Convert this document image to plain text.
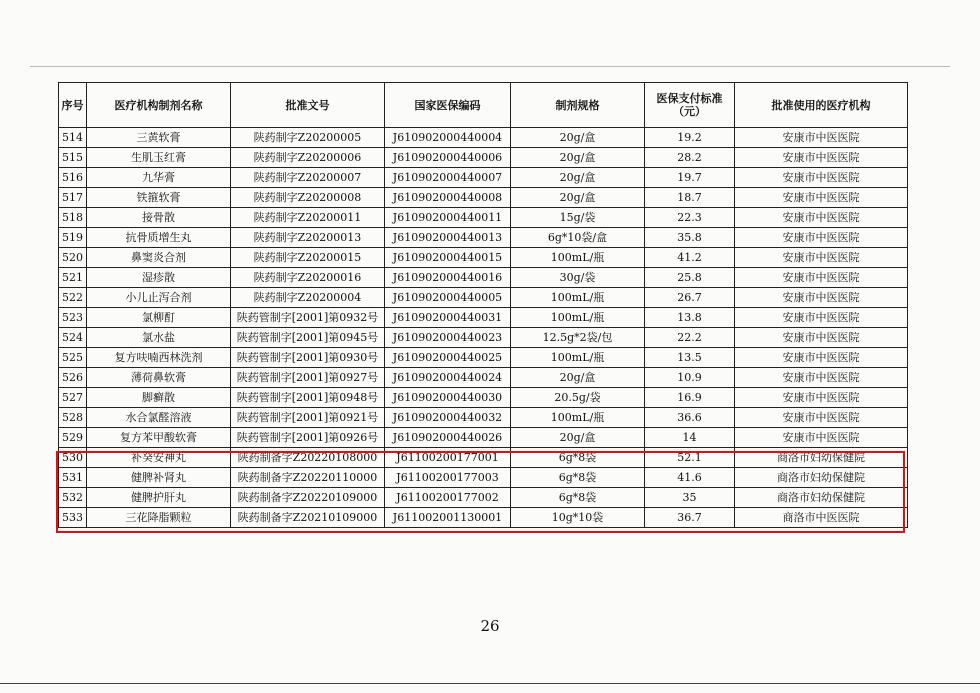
序号	医疗机构制剂名称	批准文号	国家医保编码	制剂规格	医保支付标准（元）	批准使用的医疗机构
514	三黄软膏	陕药制字Z20200005	J610902000440004	20g/盒	19.2	安康市中医医院
515	生肌玉红膏	陕药制字Z20200006	J610902000440006	20g/盒	28.2	安康市中医医院
516	九华膏	陕药制字Z20200007	J610902000440007	20g/盒	19.7	安康市中医医院
517	铁箍软膏	陕药制字Z20200008	J610902000440008	20g/盒	18.7	安康市中医医院
518	接骨散	陕药制字Z20200011	J610902000440011	15g/袋	22.3	安康市中医医院
519	抗骨质增生丸	陕药制字Z20200013	J610902000440013	6g*10袋/盒	35.8	安康市中医医院
520	鼻窦炎合剂	陕药制字Z20200015	J610902000440015	100mL/瓶	41.2	安康市中医医院
521	湿疹散	陕药制字Z20200016	J610902000440016	30g/袋	25.8	安康市中医医院
522	小儿止泻合剂	陕药制字Z20200004	J610902000440005	100mL/瓶	26.7	安康市中医医院
523	氯柳酊	陕药管制字[2001]第0932号	J610902000440031	100mL/瓶	13.8	安康市中医医院
524	氯水盐	陕药管制字[2001]第0945号	J610902000440023	12.5g*2袋/包	22.2	安康市中医医院
525	复方呋喃西林洗剂	陕药管制字[2001]第0930号	J610902000440025	100mL/瓶	13.5	安康市中医医院
526	薄荷鼻软膏	陕药管制字[2001]第0927号	J610902000440024	20g/盒	10.9	安康市中医医院
527	脚癣散	陕药管制字[2001]第0948号	J610902000440030	20.5g/袋	16.9	安康市中医医院
528	水合氯醛溶液	陕药管制字[2001]第0921号	J610902000440032	100mL/瓶	36.6	安康市中医医院
529	复方苯甲酸软膏	陕药管制字[2001]第0926号	J610902000440026	20g/盒	14	安康市中医医院
530	补癸安神丸	陕药制备字Z20220108000	J61100200177001	6g*8袋	52.1	商洛市妇幼保健院
531	健脾补肾丸	陕药制备字Z20220110000	J61100200177003	6g*8袋	41.6	商洛市妇幼保健院
532	健脾护肝丸	陕药制备字Z20220109000	J61100200177002	6g*8袋	35	商洛市妇幼保健院
533	三花降脂颗粒	陕药制备字Z20210109000	J611002001130001	10g*10袋	36.7	商洛市中医医院
26
